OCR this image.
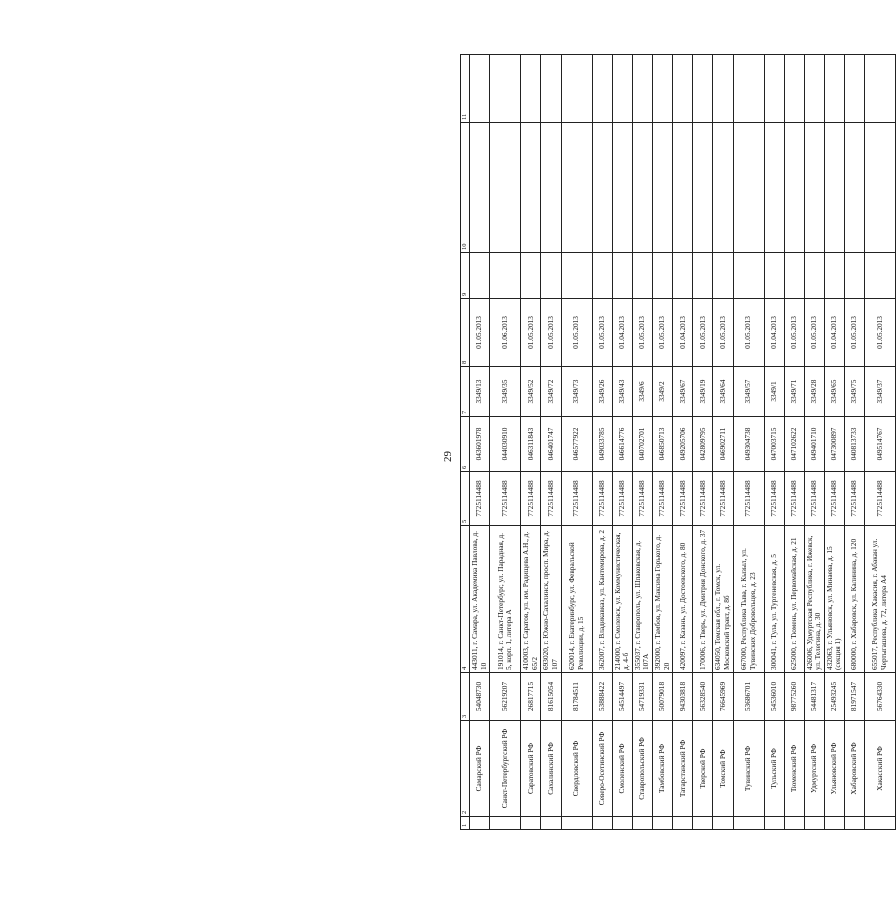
29
1	2	3	4	5	6	7	8	9	10	11
	Самарский РФ	54048730	443011, г. Самара, ул. Академика Павлова, д. 10	7725114488	043601978	3349/13	01.05.2013			
	Санкт-Петербургский РФ	56219207	191014, г. Санкт-Петербург, ул. Парадная, д. 5, корп. 1, литера А	7725114488	044030910	3349/35	01.06.2013			
	Саратовский РФ	26817715	410003, г. Саратов, ул. им. Радищева А.Н., д. 65/2	7725114488	046311843	3349/52	01.05.2013			
	Сахалинский РФ	81615054	693020, г. Южно-Сахалинск, просп. Мира, д. 107	7725114488	046401747	3349/72	01.05.2013			
	Свердловский РФ	81784511	620014, г. Екатеринбург, ул. Февральской Революции, д. 15	7725114488	046577922	3349/73	01.05.2013			
	Северо-Осетинский РФ	53888422	362007, г. Владикавказ, ул. Кантемирова, д. 2	7725114488	049033785	3349/26	01.05.2013			
	Смоленский РФ	54514497	214000, г. Смоленск, ул. Коммунистическая, д. 4-б	7725114488	046614776	3349/43	01.04.2013			
	Ставропольский РФ	54719331	355037, г. Ставрополь, ул. Шпаковская, д. 107А	7725114488	040702701	3349/6	01.05.2013			
	Тамбовский РФ	50079018	392000, г. Тамбов, ул. Максима Горького, д. 20	7725114488	046850713	3349/2	01.05.2013			
	Татарстанский РФ	94303818	420097, г. Казань, ул. Достоевского, д. 80	7725114488	049205706	3349/67	01.04.2013			
	Тверской РФ	56328540	170006, г. Тверь, ул. Дмитрия Донского, д. 37	7725114488	042809795	3349/19	01.05.2013			
	Томский РФ	76645969	634050, Томская обл., г. Томск, ул. Московский тракт, д. 8б	7725114488	046902711	3349/64	01.05.2013			
	Тувинский РФ	53686701	667000, Республика Тыва, г. Кызыл, ул. Тувинских Добровольцев, д. 23	7725114488	049304738	3349/57	01.05.2013			
	Тульский РФ	54536010	300041, г. Тула, ул. Тургеневская, д. 5	7725114488	047003715	3349/1	01.04.2013			
	Тюменский РФ	98775260	625000, г. Тюмень, ул. Первомайская, д. 21	7725114488	047102622	3349/71	01.05.2013			
	Удмуртский РФ	54481317	426006, Удмуртская Республика, г. Ижевск, ул. Телегина, д. 30	7725114488	049401710	3349/28	01.05.2013			
	Ульяновский РФ	25493245	432063, г. Ульяновск, ул. Минаева, д. 15 (секция 1)	7725114488	047300897	3349/65	01.04.2013			
	Хабаровский РФ	81971547	680000, г. Хабаровск, ул. Калинина, д. 120	7725114488	040813733	3349/75	01.05.2013			
	Хакасский РФ	56764330	655017, Республика Хакасия, г. Абакан ул. Чертыгашева, д. 72, литера А4	7725114488	049514767	3349/37	01.05.2013			
